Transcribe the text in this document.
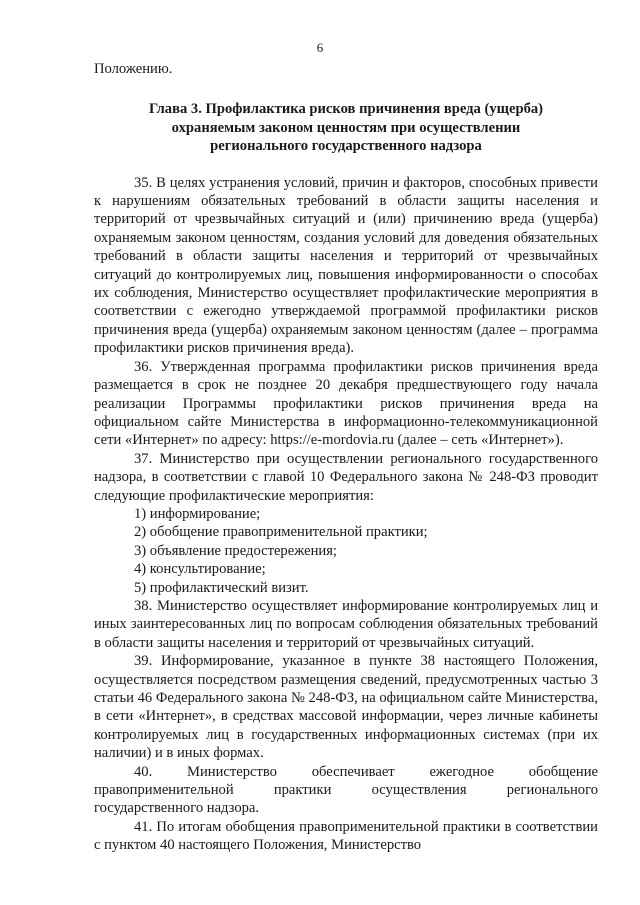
6

Положению.

Глава 3. Профилактика рисков причинения вреда (ущерба)
охраняемым законом ценностям при осуществлении
регионального государственного надзора

35. В целях устранения условий, причин и факторов, способных привести к нарушениям обязательных требований в области защиты населения и территорий от чрезвычайных ситуаций и (или) причинению вреда (ущерба) охраняемым законом ценностям, создания условий для доведения обязательных требований в области защиты населения и территорий от чрезвычайных ситуаций до контролируемых лиц, повышения информированности о способах их соблюдения, Министерство осуществляет профилактические мероприятия в соответствии с ежегодно утверждаемой программой профилактики рисков причинения вреда (ущерба) охраняемым законом ценностям (далее – программа профилактики рисков причинения вреда).

36. Утвержденная программа профилактики рисков причинения вреда размещается в срок не позднее 20 декабря предшествующего году начала реализации Программы профилактики рисков причинения вреда на официальном сайте Министерства в информационно-телекоммуникационной сети «Интернет» по адресу: https://e-mordovia.ru (далее – сеть «Интернет»).

37. Министерство при осуществлении регионального государственного надзора, в соответствии с главой 10 Федерального закона № 248-ФЗ проводит следующие профилактические мероприятия:

1) информирование;

2) обобщение правоприменительной практики;

3) объявление предостережения;

4) консультирование;

5) профилактический визит.

38. Министерство осуществляет информирование контролируемых лиц и иных заинтересованных лиц по вопросам соблюдения обязательных требований в области защиты населения и территорий от чрезвычайных ситуаций.

39. Информирование, указанное в пункте 38 настоящего Положения, осуществляется посредством размещения сведений, предусмотренных частью 3 статьи 46 Федерального закона № 248-ФЗ, на официальном сайте Министерства, в сети «Интернет», в средствах массовой информации, через личные кабинеты контролируемых лиц в государственных информационных системах (при их наличии) и в иных формах.

40. Министерство обеспечивает ежегодное обобщение правоприменительной практики осуществления регионального государственного надзора.

41. По итогам обобщения правоприменительной практики в соответствии с пунктом 40 настоящего Положения, Министерство
